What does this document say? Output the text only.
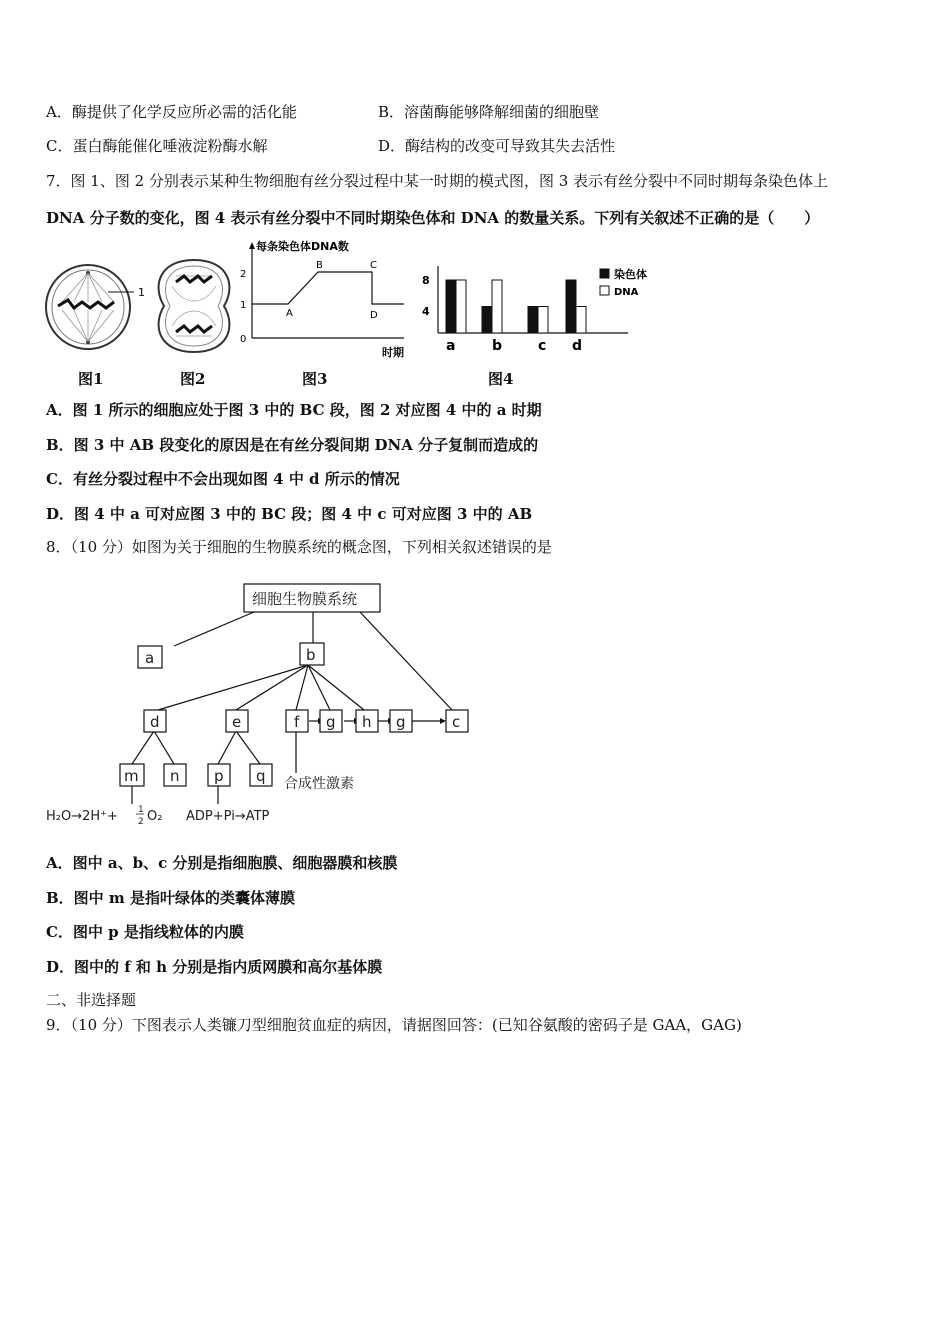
A．酶提供了化学反应所必需的活化能	B．溶菌酶能够降解细菌的细胞壁
C．蛋白酶能催化唾液淀粉酶水解	D．酶结构的改变可导致其失去活性
7．图 1、图 2 分别表示某种生物细胞有丝分裂过程中某一时期的模式图，图 3 表示有丝分裂中不同时期每条染色体上
DNA 分子数的变化，图 4 表示有丝分裂中不同时期染色体和 DNA 的数量关系。下列有关叙述不正确的是（　　）
1
图1	图2
每条染色体DNA数
2
1
0
A
B	C
D
时期
图3
8
4
染色体
DNA
a	b	c d
图4
A．图 1 所示的细胞应处于图 3 中的 BC 段，图 2 对应图 4 中的 a 时期
B．图 3 中 AB 段变化的原因是在有丝分裂间期 DNA 分子复制而造成的
C．有丝分裂过程中不会出现如图 4 中 d 所示的情况
D．图 4 中 a 可对应图 3 中的 BC 段；图 4 中 c 可对应图 3 中的 AB
8．（10 分）如图为关于细胞的生物膜系统的概念图，下列相关叙述错误的是
细胞生物膜系统
a	b
d	e	f g h g	c
m n p q 合成性激素
H₂O→2H⁺+ 1
2 O₂ ADP+Pi→ATP
A．图中 a、b、c 分别是指细胞膜、细胞器膜和核膜
B．图中 m 是指叶绿体的类囊体薄膜
C．图中 p 是指线粒体的内膜
D．图中的 f 和 h 分别是指内质网膜和高尔基体膜
二、非选择题
9．（10 分）下图表示人类镰刀型细胞贫血症的病因，请据图回答：(已知谷氨酸的密码子是 GAA，GAG)
